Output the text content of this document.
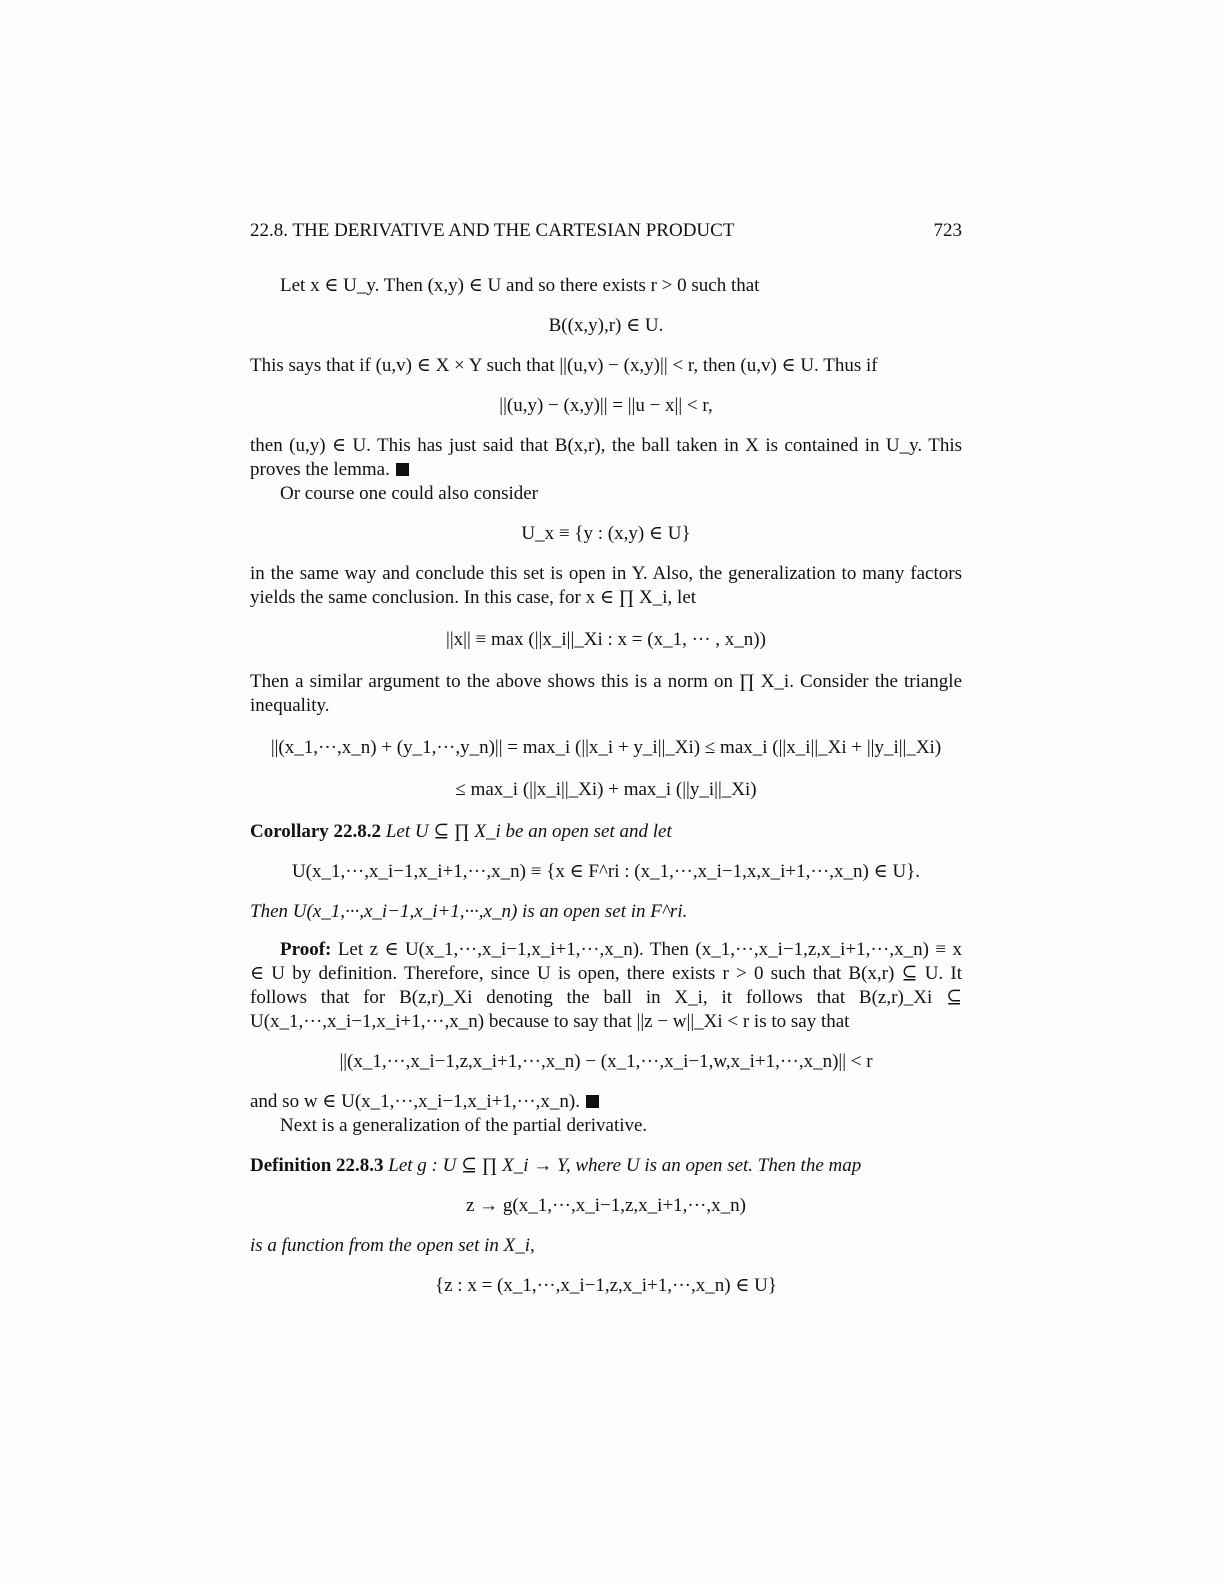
22.8. THE DERIVATIVE AND THE CARTESIAN PRODUCT	723

Let x ∈ U_y. Then (x,y) ∈ U and so there exists r > 0 such that

B((x,y),r) ∈ U.

This says that if (u,v) ∈ X × Y such that ||(u,v) − (x,y)|| < r, then (u,v) ∈ U. Thus if

||(u,y) − (x,y)|| = ||u − x|| < r,

then (u,y) ∈ U. This has just said that B(x,r), the ball taken in X is contained in U_y. This proves the lemma.

Or course one could also consider

U_x ≡ {y : (x,y) ∈ U}

in the same way and conclude this set is open in Y. Also, the generalization to many factors yields the same conclusion. In this case, for x ∈ ∏ X_i, let

||x|| ≡ max (||x_i||_Xi : x = (x_1, ··· , x_n))

Then a similar argument to the above shows this is a norm on ∏ X_i. Consider the triangle inequality.

||(x_1,···,x_n) + (y_1,···,y_n)|| = max_i (||x_i + y_i||_Xi) ≤ max_i (||x_i||_Xi + ||y_i||_Xi)
≤ max_i (||x_i||_Xi) + max_i (||y_i||_Xi)

Corollary 22.8.2 Let U ⊆ ∏ X_i be an open set and let

U(x_1,···,x_i−1,x_i+1,···,x_n) ≡ {x ∈ F^ri : (x_1,···,x_i−1,x,x_i+1,···,x_n) ∈ U}.

Then U(x_1,···,x_i−1,x_i+1,···,x_n) is an open set in F^ri.

Proof: Let z ∈ U(x_1,···,x_i−1,x_i+1,···,x_n). Then (x_1,···,x_i−1,z,x_i+1,···,x_n) ≡ x ∈ U by definition. Therefore, since U is open, there exists r > 0 such that B(x,r) ⊆ U. It follows that for B(z,r)_Xi denoting the ball in X_i, it follows that B(z,r)_Xi ⊆ U(x_1,···,x_i−1,x_i+1,···,x_n) because to say that ||z − w||_Xi < r is to say that

||(x_1,···,x_i−1,z,x_i+1,···,x_n) − (x_1,···,x_i−1,w,x_i+1,···,x_n)|| < r

and so w ∈ U(x_1,···,x_i−1,x_i+1,···,x_n).

Next is a generalization of the partial derivative.

Definition 22.8.3 Let g : U ⊆ ∏ X_i → Y, where U is an open set. Then the map

z → g(x_1,···,x_i−1,z,x_i+1,···,x_n)

is a function from the open set in X_i,

{z : x = (x_1,···,x_i−1,z,x_i+1,···,x_n) ∈ U}
